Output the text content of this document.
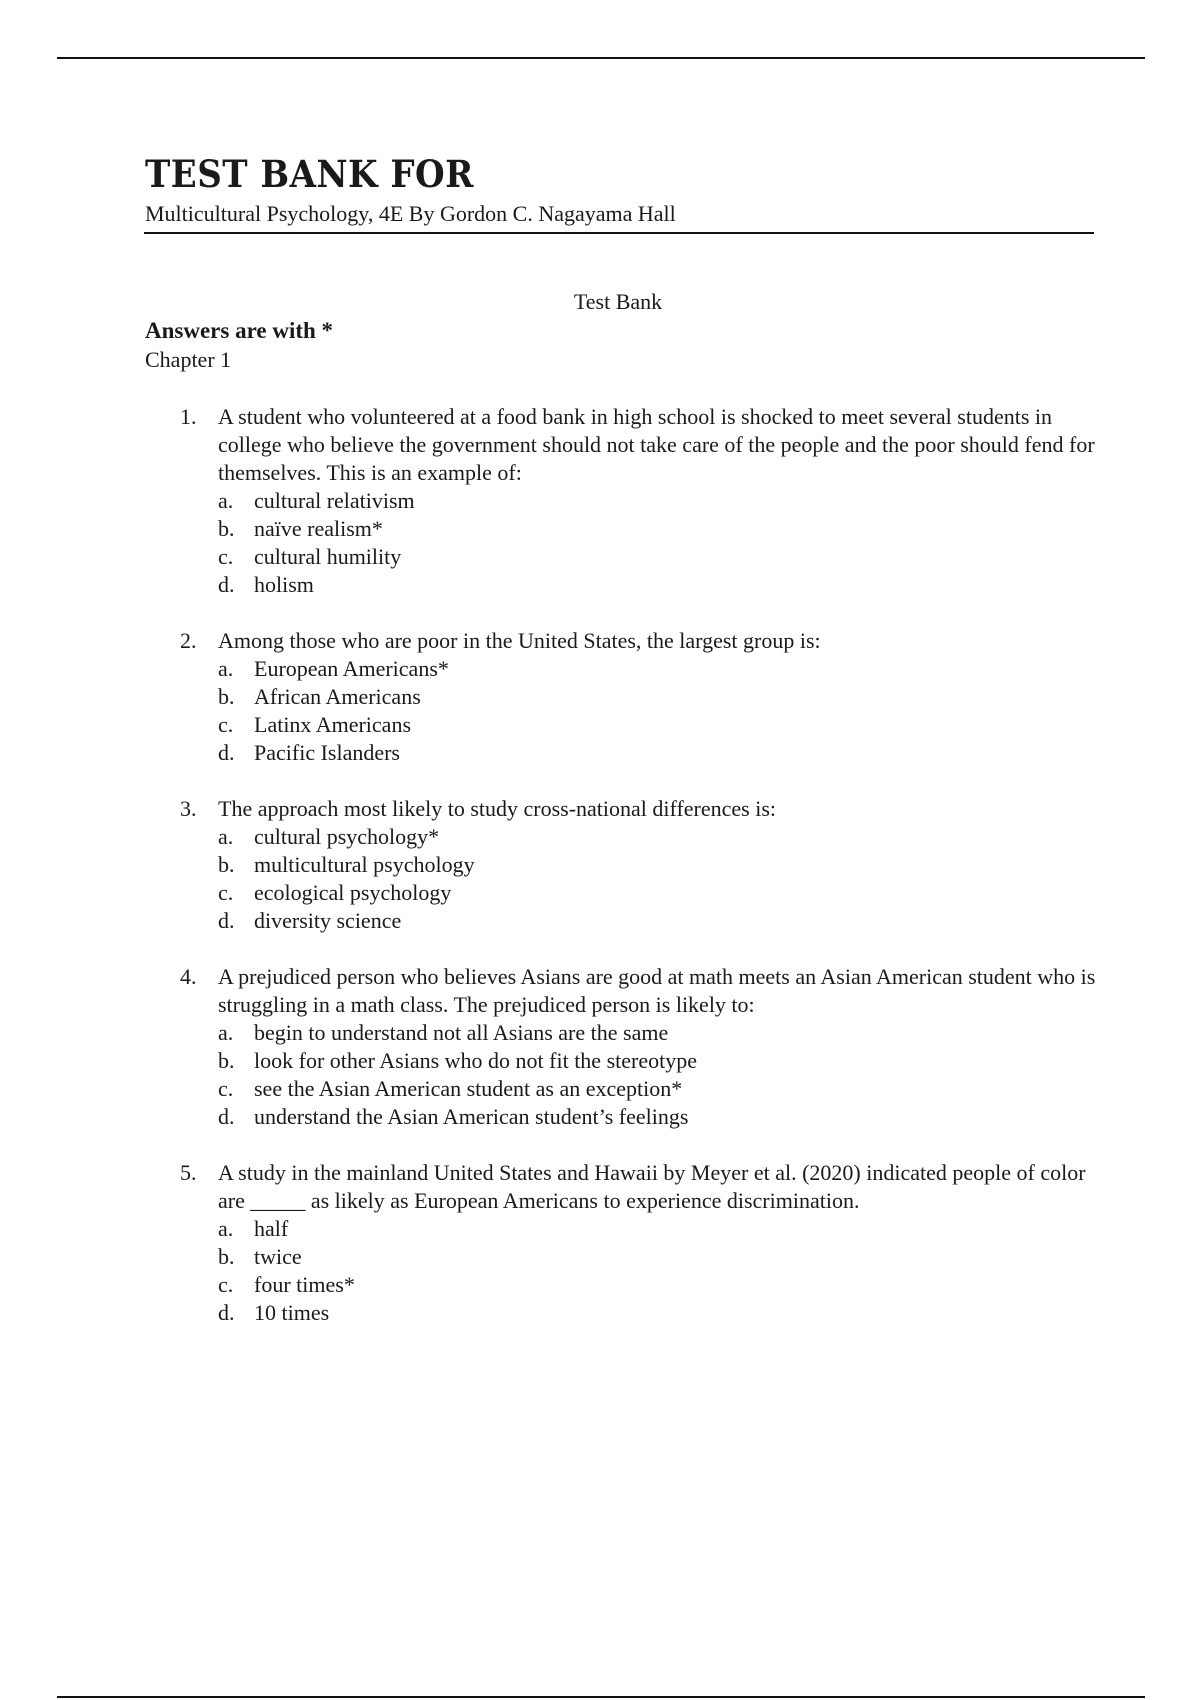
TEST BANK FOR
Multicultural Psychology, 4E By Gordon C. Nagayama Hall
Test Bank
Answers are with *
Chapter 1
1. A student who volunteered at a food bank in high school is shocked to meet several students in college who believe the government should not take care of the people and the poor should fend for themselves. This is an example of:
a. cultural relativism
b. naïve realism*
c. cultural humility
d. holism
2. Among those who are poor in the United States, the largest group is:
a. European Americans*
b. African Americans
c. Latinx Americans
d. Pacific Islanders
3. The approach most likely to study cross-national differences is:
a. cultural psychology*
b. multicultural psychology
c. ecological psychology
d. diversity science
4. A prejudiced person who believes Asians are good at math meets an Asian American student who is struggling in a math class. The prejudiced person is likely to:
a. begin to understand not all Asians are the same
b. look for other Asians who do not fit the stereotype
c. see the Asian American student as an exception*
d. understand the Asian American student’s feelings
5. A study in the mainland United States and Hawaii by Meyer et al. (2020) indicated people of color are _____ as likely as European Americans to experience discrimination.
a. half
b. twice
c. four times*
d. 10 times
